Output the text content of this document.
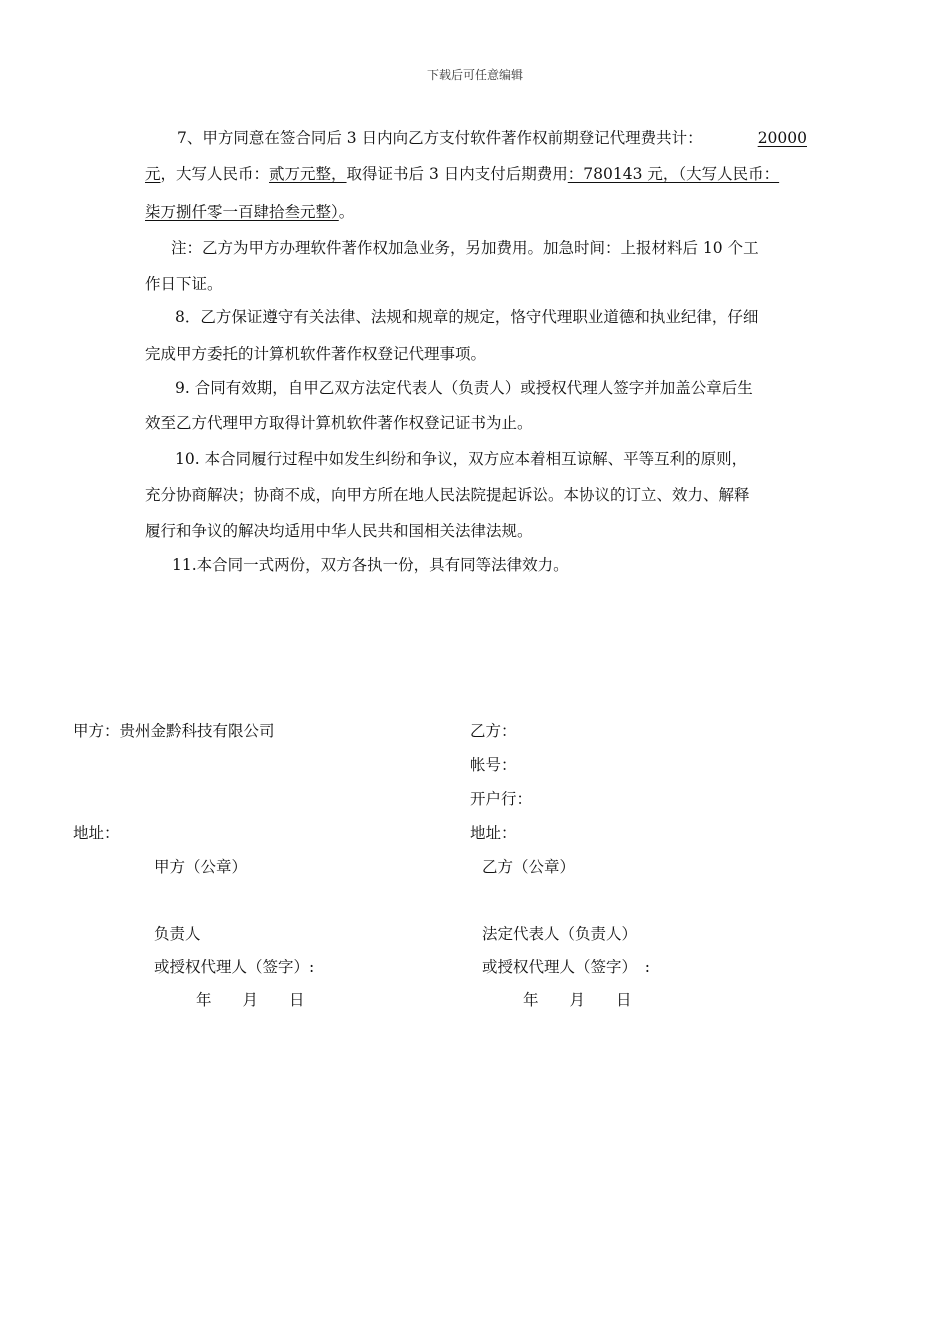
下载后可任意编辑
7、甲方同意在签合同后 3 日内向乙方支付软件著作权前期登记代理费共计：	20000
元，大写人民币：贰万元整，取得证书后 3 日内支付后期费用：780143 元，（大写人民币：
柒万捌仟零一百肆拾叁元整）。
注：乙方为甲方办理软件著作权加急业务，另加费用。加急时间：上报材料后 10 个工
作日下证。
8．乙方保证遵守有关法律、法规和规章的规定，恪守代理职业道德和执业纪律，仔细
完成甲方委托的计算机软件著作权登记代理事项。
9. 合同有效期，自甲乙双方法定代表人（负责人）或授权代理人签字并加盖公章后生
效至乙方代理甲方取得计算机软件著作权登记证书为止。
10. 本合同履行过程中如发生纠纷和争议，双方应本着相互谅解、平等互利的原则，
充分协商解决；协商不成，向甲方所在地人民法院提起诉讼。本协议的订立、效力、解释
履行和争议的解决均适用中华人民共和国相关法律法规。
11.本合同一式两份，双方各执一份，具有同等法律效力。
甲方：贵州金黔科技有限公司
地址：
甲方（公章）
负责人
或授权代理人（签字）:
年　　月　　日
乙方：
帐号：
开户行：
地址：
乙方（公章）
法定代表人（负责人）
或授权代理人（签字）　:
年　　月　　日
